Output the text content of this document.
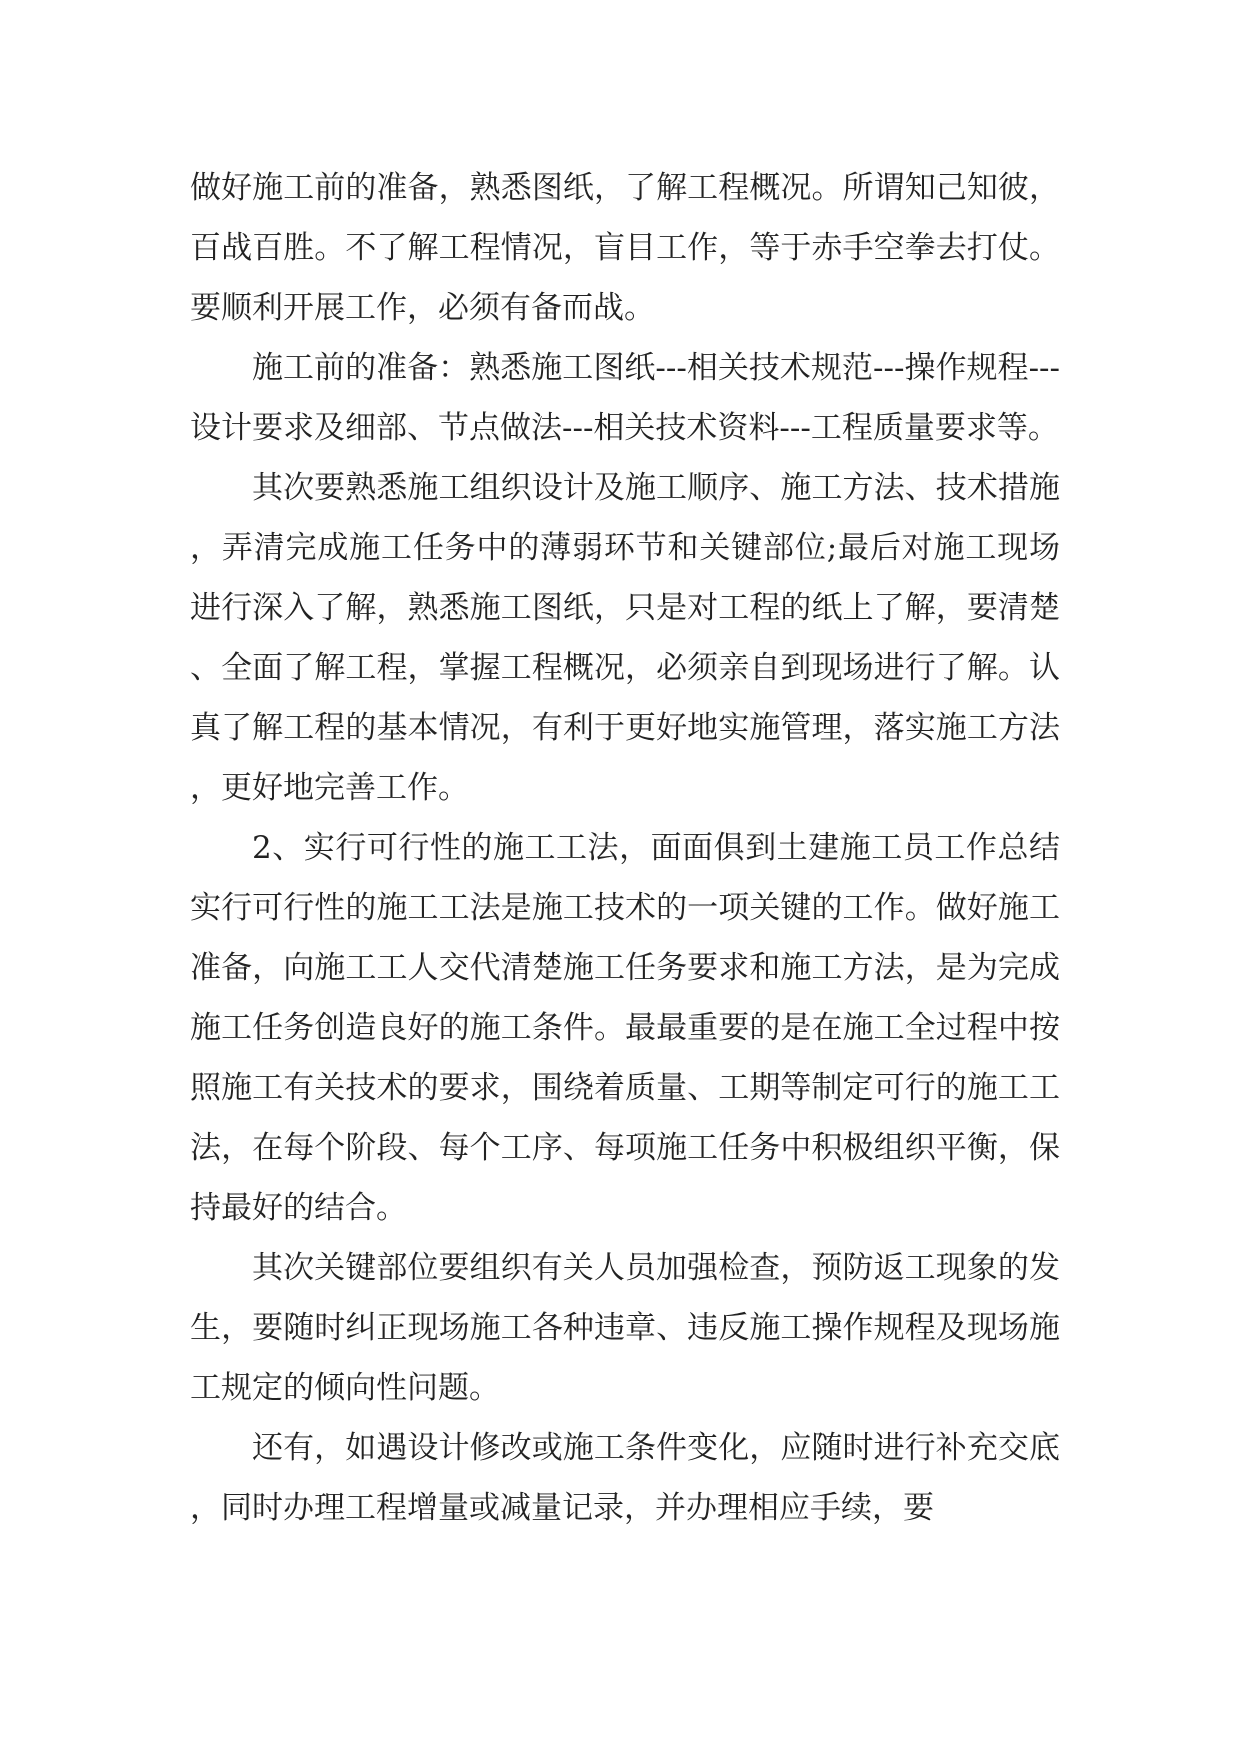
做好施工前的准备，熟悉图纸，了解工程概况。所谓知己知彼，百战百胜。不了解工程情况，盲目工作，等于赤手空拳去打仗。要顺利开展工作，必须有备而战。

施工前的准备：熟悉施工图纸---相关技术规范---操作规程---设计要求及细部、节点做法---相关技术资料---工程质量要求等。

其次要熟悉施工组织设计及施工顺序、施工方法、技术措施，弄清完成施工任务中的薄弱环节和关键部位;最后对施工现场进行深入了解，熟悉施工图纸，只是对工程的纸上了解，要清楚、全面了解工程，掌握工程概况，必须亲自到现场进行了解。认真了解工程的基本情况，有利于更好地实施管理，落实施工方法，更好地完善工作。

2、实行可行性的施工工法，面面俱到土建施工员工作总结实行可行性的施工工法是施工技术的一项关键的工作。做好施工准备，向施工工人交代清楚施工任务要求和施工方法，是为完成施工任务创造良好的施工条件。最最重要的是在施工全过程中按照施工有关技术的要求，围绕着质量、工期等制定可行的施工工法，在每个阶段、每个工序、每项施工任务中积极组织平衡，保持最好的结合。

其次关键部位要组织有关人员加强检查，预防返工现象的发生，要随时纠正现场施工各种违章、违反施工操作规程及现场施工规定的倾向性问题。

还有，如遇设计修改或施工条件变化，应随时进行补充交底，同时办理工程增量或减量记录，并办理相应手续，要
